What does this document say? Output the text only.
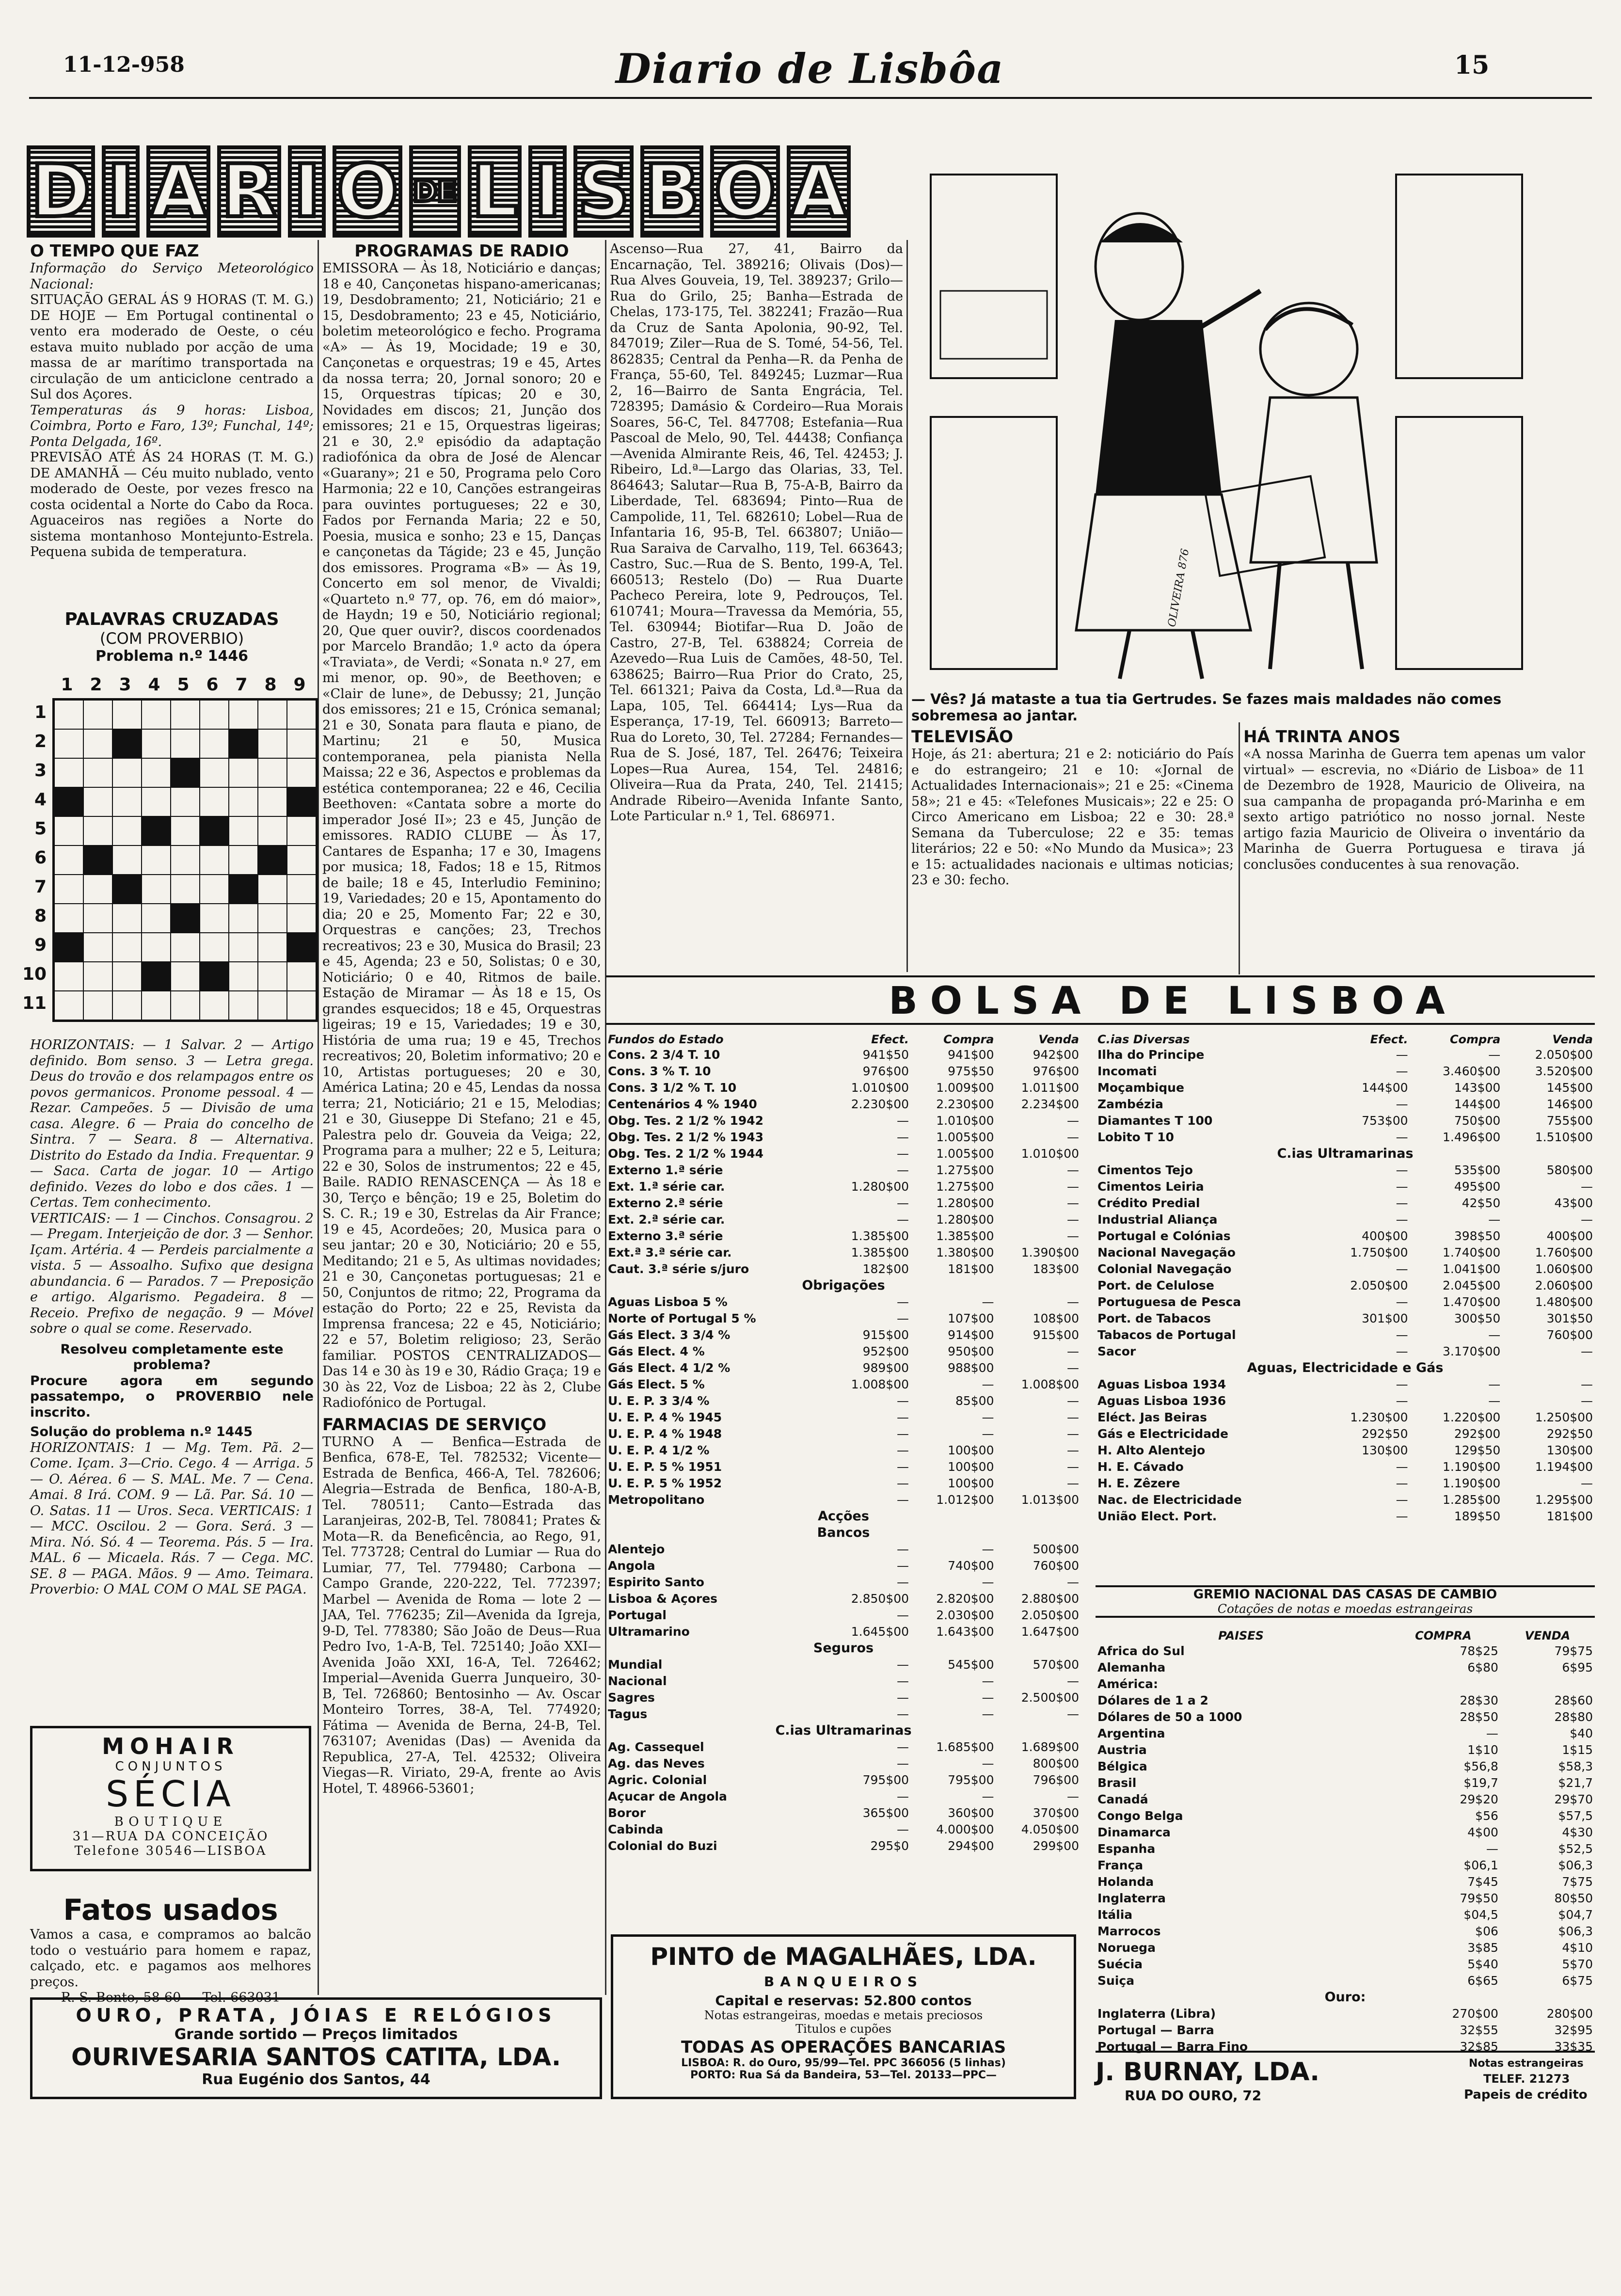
11-12-958	Diario de Lisbôa	15
D I A R I O DE L I S B O A
O TEMPO QUE FAZ

Informação do Serviço Meteorológico Nacional:

SITUAÇÃO GERAL ÁS 9 HORAS (T. M. G.) DE HOJE — Em Portugal continental o vento era moderado de Oeste, o céu estava muito nublado por acção de uma massa de ar marítimo transportada na circulação de um anticiclone centrado a Sul dos Açores.

Temperaturas ás 9 horas: Lisboa, Coimbra, Porto e Faro, 13º; Funchal, 14º; Ponta Delgada, 16º.

PREVISÃO ATÉ ÁS 24 HORAS (T. M. G.) DE AMANHÃ — Céu muito nublado, vento moderado de Oeste, por vezes fresco na costa ocidental a Norte do Cabo da Roca. Aguaceiros nas regiões a Norte do sistema montanhoso Montejunto-Estrela. Pequena subida de temperatura.

PALAVRAS CRUZADAS
(COM PROVERBIO)
Problema n.º 1446
1 2 3 4 5 6 7 8 9
1
2
3
4
5
6
7
8
9
10
11

HORIZONTAIS: — 1 Salvar. 2 — Artigo definido. Bom senso. 3 — Letra grega. Deus do trovão e dos relampagos entre os povos germanicos. Pronome pessoal. 4 — Rezar. Campeões. 5 — Divisão de uma casa. Alegre. 6 — Praia do concelho de Sintra. 7 — Seara. 8 — Alternativa. Distrito do Estado da India. Frequentar. 9 — Saca. Carta de jogar. 10 — Artigo definido. Vezes do lobo e dos cães. 1 — Certas. Tem conhecimento.

VERTICAIS: — 1 — Cinchos. Consagrou. 2 — Pregam. Interjeição de dor. 3 — Senhor. Içam. Artéria. 4 — Perdeis parcialmente a vista. 5 — Assoalho. Sufixo que designa abundancia. 6 — Parados. 7 — Preposição e artigo. Algarismo. Pegadeira. 8 — Receio. Prefixo de negação. 9 — Móvel sobre o qual se come. Reservado.

Resolveu completamente este problema?

Procure agora em segundo passatempo, o PROVERBIO nele inscrito.

Solução do problema n.º 1445

HORIZONTAIS: 1 — Mg. Tem. Pã. 2—Come. Içam. 3—Crio. Cego. 4 — Arriga. 5 — O. Aérea. 6 — S. MAL. Me. 7 — Cena. Amai. 8 Irá. COM. 9 — Lã. Par. Sá. 10 — O. Satas. 11 — Uros. Seca. VERTICAIS: 1 — MCC. Oscilou. 2 — Gora. Será. 3 — Mira. Nó. Só. 4 — Teorema. Pás. 5 — Ira. MAL. 6 — Micaela. Rás. 7 — Cega. MC. SE. 8 — PAGA. Mãos. 9 — Amo. Teimara. Proverbio: O MAL COM O MAL SE PAGA.

MOHAIR
CONJUNTOS
SÉCIA
BOUTIQUE
31—RUA DA CONCEIÇÃO
Telefone 30546—LISBOA
Fatos usados

Vamos a casa, e compramos ao balcão todo o vestuário para homem e rapaz, calçado, etc. e pagamos aos melhores preços.

R. S. Bento, 58-60 — Tel. 663031

PROGRAMAS DE RADIO

EMISSORA — Às 18, Noticiário e danças; 18 e 40, Cançonetas hispano-americanas; 19, Desdobramento; 21, Noticiário; 21 e 15, Desdobramento; 23 e 45, Noticiário, boletim meteorológico e fecho. Programa «A» — Às 19, Mocidade; 19 e 30, Cançonetas e orquestras; 19 e 45, Artes da nossa terra; 20, Jornal sonoro; 20 e 15, Orquestras típicas; 20 e 30, Novidades em discos; 21, Junção dos emissores; 21 e 15, Orquestras ligeiras; 21 e 30, 2.º episódio da adaptação radiofónica da obra de José de Alencar «Guarany»; 21 e 50, Programa pelo Coro Harmonia; 22 e 10, Canções estrangeiras para ouvintes portugueses; 22 e 30, Fados por Fernanda Maria; 22 e 50, Poesia, musica e sonho; 23 e 15, Danças e cançonetas da Tágide; 23 e 45, Junção dos emissores. Programa «B» — Às 19, Concerto em sol menor, de Vivaldi; «Quarteto n.º 77, op. 76, em dó maior», de Haydn; 19 e 50, Noticiário regional; 20, Que quer ouvir?, discos coordenados por Marcelo Brandão; 1.º acto da ópera «Traviata», de Verdi; «Sonata n.º 27, em mi menor, op. 90», de Beethoven; e «Clair de lune», de Debussy; 21, Junção dos emissores; 21 e 15, Crónica semanal; 21 e 30, Sonata para flauta e piano, de Martinu; 21 e 50, Musica contemporanea, pela pianista Nella Maissa; 22 e 36, Aspectos e problemas da estética contemporanea; 22 e 46, Cecilia Beethoven: «Cantata sobre a morte do imperador José II»; 23 e 45, Junção de emissores. RADIO CLUBE — Às 17, Cantares de Espanha; 17 e 30, Imagens por musica; 18, Fados; 18 e 15, Ritmos de baile; 18 e 45, Interludio Feminino; 19, Variedades; 20 e 15, Apontamento do dia; 20 e 25, Momento Far; 22 e 30, Orquestras e canções; 23, Trechos recreativos; 23 e 30, Musica do Brasil; 23 e 45, Agenda; 23 e 50, Solistas; 0 e 30, Noticiário; 0 e 40, Ritmos de baile. Estação de Miramar — Às 18 e 15, Os grandes esquecidos; 18 e 45, Orquestras ligeiras; 19 e 15, Variedades; 19 e 30, História de uma rua; 19 e 45, Trechos recreativos; 20, Boletim informativo; 20 e 10, Artistas portugueses; 20 e 30, América Latina; 20 e 45, Lendas da nossa terra; 21, Noticiário; 21 e 15, Melodias; 21 e 30, Giuseppe Di Stefano; 21 e 45, Palestra pelo dr. Gouveia da Veiga; 22, Programa para a mulher; 22 e 5, Leitura; 22 e 30, Solos de instrumentos; 22 e 45, Baile. RADIO RENASCENÇA — Às 18 e 30, Terço e bênção; 19 e 25, Boletim do S. C. R.; 19 e 30, Estrelas da Air France; 19 e 45, Acordeões; 20, Musica para o seu jantar; 20 e 30, Noticiário; 20 e 55, Meditando; 21 e 5, As ultimas novidades; 21 e 30, Cançonetas portuguesas; 21 e 50, Conjuntos de ritmo; 22, Programa da estação do Porto; 22 e 25, Revista da Imprensa francesa; 22 e 45, Noticiário; 22 e 57, Boletim religioso; 23, Serão familiar. POSTOS CENTRALIZADOS—Das 14 e 30 às 19 e 30, Rádio Graça; 19 e 30 às 22, Voz de Lisboa; 22 às 2, Clube Radiofónico de Portugal.

FARMACIAS DE SERVIÇO

TURNO A — Benfica—Estrada de Benfica, 678-E, Tel. 782532; Vicente—Estrada de Benfica, 466-A, Tel. 782606; Alegria—Estrada de Benfica, 180-A-B, Tel. 780511; Canto—Estrada das Laranjeiras, 202-B, Tel. 780841; Prates & Mota—R. da Beneficência, ao Rego, 91, Tel. 773728; Central do Lumiar — Rua do Lumiar, 77, Tel. 779480; Carbona — Campo Grande, 220-222, Tel. 772397; Marbel — Avenida de Roma — lote 2 — JAA, Tel. 776235; Zil—Avenida da Igreja, 9-D, Tel. 778380; São João de Deus—Rua Pedro Ivo, 1-A-B, Tel. 725140; João XXI—Avenida João XXI, 16-A, Tel. 726462; Imperial—Avenida Guerra Junqueiro, 30-B, Tel. 726860; Bentosinho — Av. Oscar Monteiro Torres, 38-A, Tel. 774920; Fátima — Avenida de Berna, 24-B, Tel. 763107; Avenidas (Das) — Avenida da Republica, 27-A, Tel. 42532; Oliveira Viegas—R. Viriato, 29-A, frente ao Avis Hotel, T. 48966-53601;

Ascenso—Rua 27, 41, Bairro da Encarnação, Tel. 389216; Olivais (Dos)—Rua Alves Gouveia, 19, Tel. 389237; Grilo—Rua do Grilo, 25; Banha—Estrada de Chelas, 173-175, Tel. 382241; Frazão—Rua da Cruz de Santa Apolonia, 90-92, Tel. 847019; Ziler—Rua de S. Tomé, 54-56, Tel. 862835; Central da Penha—R. da Penha de França, 55-60, Tel. 849245; Luzmar—Rua 2, 16—Bairro de Santa Engrácia, Tel. 728395; Damásio & Cordeiro—Rua Morais Soares, 56-C, Tel. 847708; Estefania—Rua Pascoal de Melo, 90, Tel. 44438; Confiança—Avenida Almirante Reis, 46, Tel. 42453; J. Ribeiro, Ld.ª—Largo das Olarias, 33, Tel. 864643; Salutar—Rua B, 75-A-B, Bairro da Liberdade, Tel. 683694; Pinto—Rua de Campolide, 11, Tel. 682610; Lobel—Rua de Infantaria 16, 95-B, Tel. 663807; União—Rua Saraiva de Carvalho, 119, Tel. 663643; Castro, Suc.—Rua de S. Bento, 199-A, Tel. 660513; Restelo (Do) — Rua Duarte Pacheco Pereira, lote 9, Pedrouços, Tel. 610741; Moura—Travessa da Memória, 55, Tel. 630944; Biotifar—Rua D. João de Castro, 27-B, Tel. 638824; Correia de Azevedo—Rua Luis de Camões, 48-50, Tel. 638625; Bairro—Rua Prior do Crato, 25, Tel. 661321; Paiva da Costa, Ld.ª—Rua da Lapa, 105, Tel. 664414; Lys—Rua da Esperança, 17-19, Tel. 660913; Barreto—Rua do Loreto, 30, Tel. 27284; Fernandes—Rua de S. José, 187, Tel. 26476; Teixeira Lopes—Rua Aurea, 154, Tel. 24816; Oliveira—Rua da Prata, 240, Tel. 21415; Andrade Ribeiro—Avenida Infante Santo, Lote Particular n.º 1, Tel. 686971.

OLIVEIRA 876
— Vês? Já mataste a tua tia Gertrudes. Se fazes mais maldades não comes sobremesa ao jantar.
TELEVISÃO

Hoje, ás 21: abertura; 21 e 2: noticiário do País e do estrangeiro; 21 e 10: «Jornal de Actualidades Internacionais»; 21 e 25: «Cinema 58»; 21 e 45: «Telefones Musicais»; 22 e 25: O Circo Americano em Lisboa; 22 e 30: 28.ª Semana da Tuberculose; 22 e 35: temas literários; 22 e 50: «No Mundo da Musica»; 23 e 15: actualidades nacionais e ultimas noticias; 23 e 30: fecho.

HÁ TRINTA ANOS

«A nossa Marinha de Guerra tem apenas um valor virtual» — escrevia, no «Diário de Lisboa» de 11 de Dezembro de 1928, Mauricio de Oliveira, na sua campanha de propaganda pró-Marinha e em sexto artigo patriótico no nosso jornal. Neste artigo fazia Mauricio de Oliveira o inventário da Marinha de Guerra Portuguesa e tirava já conclusões conducentes à sua renovação.

BOLSA DE LISBOA
Fundos do Estado	Efect.	Compra	Venda
Cons. 2 3/4 T. 10	941$50	941$00	942$00
Cons. 3 % T. 10	976$00	975$50	976$00
Cons. 3 1/2 % T. 10	1.010$00	1.009$00	1.011$00
Centenários 4 % 1940	2.230$00	2.230$00	2.234$00
Obg. Tes. 2 1/2 % 1942	—	1.010$00	—
Obg. Tes. 2 1/2 % 1943	—	1.005$00	—
Obg. Tes. 2 1/2 % 1944	—	1.005$00	1.010$00
Externo 1.ª série	—	1.275$00	—
Ext. 1.ª série car.	1.280$00	1.275$00	—
Externo 2.ª série	—	1.280$00	—
Ext. 2.ª série car.	—	1.280$00	—
Externo 3.ª série	1.385$00	1.385$00	—
Ext.ª 3.ª série car.	1.385$00	1.380$00	1.390$00
Caut. 3.ª série s/juro	182$00	181$00	183$00
Obrigações			
Aguas Lisboa 5 %	—	—	—
Norte of Portugal 5 %	—	107$00	108$00
Gás Elect. 3 3/4 %	915$00	914$00	915$00
Gás Elect. 4 %	952$00	950$00	—
Gás Elect. 4 1/2 %	989$00	988$00	—
Gás Elect. 5 %	1.008$00	—	1.008$00
U. E. P. 3 3/4 %	—	85$00	—
U. E. P. 4 % 1945	—	—	—
U. E. P. 4 % 1948	—	—	—
U. E. P. 4 1/2 %	—	100$00	—
U. E. P. 5 % 1951	—	100$00	—
U. E. P. 5 % 1952	—	100$00	—
Metropolitano	—	1.012$00	1.013$00
Acções			
Bancos			
Alentejo	—	—	500$00
Angola	—	740$00	760$00
Espirito Santo	—	—	—
Lisboa & Açores	2.850$00	2.820$00	2.880$00
Portugal	—	2.030$00	2.050$00
Ultramarino	1.645$00	1.643$00	1.647$00
Seguros			
Mundial	—	545$00	570$00
Nacional	—	—	—
Sagres	—	—	2.500$00
Tagus	—	—	—
C.ias Ultramarinas			
Ag. Cassequel	—	1.685$00	1.689$00
Ag. das Neves	—	—	800$00
Agric. Colonial	795$00	795$00	796$00
Açucar de Angola	—	—	—
Boror	365$00	360$00	370$00
Cabinda	—	4.000$00	4.050$00
Colonial do Buzi	295$0	294$00	299$00
C.ias Diversas	Efect.	Compra	Venda
Ilha do Principe	—	—	2.050$00
Incomati	—	3.460$00	3.520$00
Moçambique	144$00	143$00	145$00
Zambézia	—	144$00	146$00
Diamantes T 100	753$00	750$00	755$00
Lobito T 10	—	1.496$00	1.510$00
C.ias Ultramarinas			
Cimentos Tejo	—	535$00	580$00
Cimentos Leiria	—	495$00	—
Crédito Predial	—	42$50	43$00
Industrial Aliança	—	—	—
Portugal e Colónias	400$00	398$50	400$00
Nacional Navegação	1.750$00	1.740$00	1.760$00
Colonial Navegação	—	1.041$00	1.060$00
Port. de Celulose	2.050$00	2.045$00	2.060$00
Portuguesa de Pesca	—	1.470$00	1.480$00
Port. de Tabacos	301$00	300$50	301$50
Tabacos de Portugal	—	—	760$00
Sacor	—	3.170$00	—
Aguas, Electricidade e Gás			
Aguas Lisboa 1934	—	—	—
Aguas Lisboa 1936	—	—	—
Eléct. Jas Beiras	1.230$00	1.220$00	1.250$00
Gás e Electricidade	292$50	292$00	292$50
H. Alto Alentejo	130$00	129$50	130$00
H. E. Cávado	—	1.190$00	1.194$00
H. E. Zêzere	—	1.190$00	—
Nac. de Electricidade	—	1.285$00	1.295$00
União Elect. Port.	—	189$50	181$00
GREMIO NACIONAL DAS CASAS DE CAMBIO
Cotações de notas e moedas estrangeiras
PAISES	COMPRA	VENDA
Africa do Sul	78$25	79$75
Alemanha	6$80	6$95
América:		
Dólares de 1 a 2	28$30	28$60
Dólares de 50 a 1000	28$50	28$80
Argentina	—	$40
Austria	1$10	1$15
Bélgica	$56,8	$58,3
Brasil	$19,7	$21,7
Canadá	29$20	29$70
Congo Belga	$56	$57,5
Dinamarca	4$00	4$30
Espanha	—	$52,5
França	$06,1	$06,3
Holanda	7$45	7$75
Inglaterra	79$50	80$50
Itália	$04,5	$04,7
Marrocos	$06	$06,3
Noruega	3$85	4$10
Suécia	5$40	5$70
Suiça	6$65	6$75
Ouro:		
Inglaterra (Libra)	270$00	280$00
Portugal — Barra	32$55	32$95
Portugal — Barra Fino	32$85	33$35
PINTO de MAGALHÃES, LDA.
BANQUEIROS
Capital e reservas: 52.800 contos
Notas estrangeiras, moedas e metais preciosos
Titulos e cupões
TODAS AS OPERAÇÕES BANCARIAS
LISBOA: R. do Ouro, 95/99—Tel. PPC 366056 (5 linhas)
PORTO: Rua Sá da Bandeira, 53—Tel. 20133—PPC—	J. BURNAY, LDA.
RUA DO OURO, 72
Notas estrangeiras
TELEF. 21273
Papeis de crédito
OURO, PRATA, JÓIAS E RELÓGIOS
Grande sortido — Preços limitados
OURIVESARIA SANTOS CATITA, LDA.
Rua Eugénio dos Santos, 44
